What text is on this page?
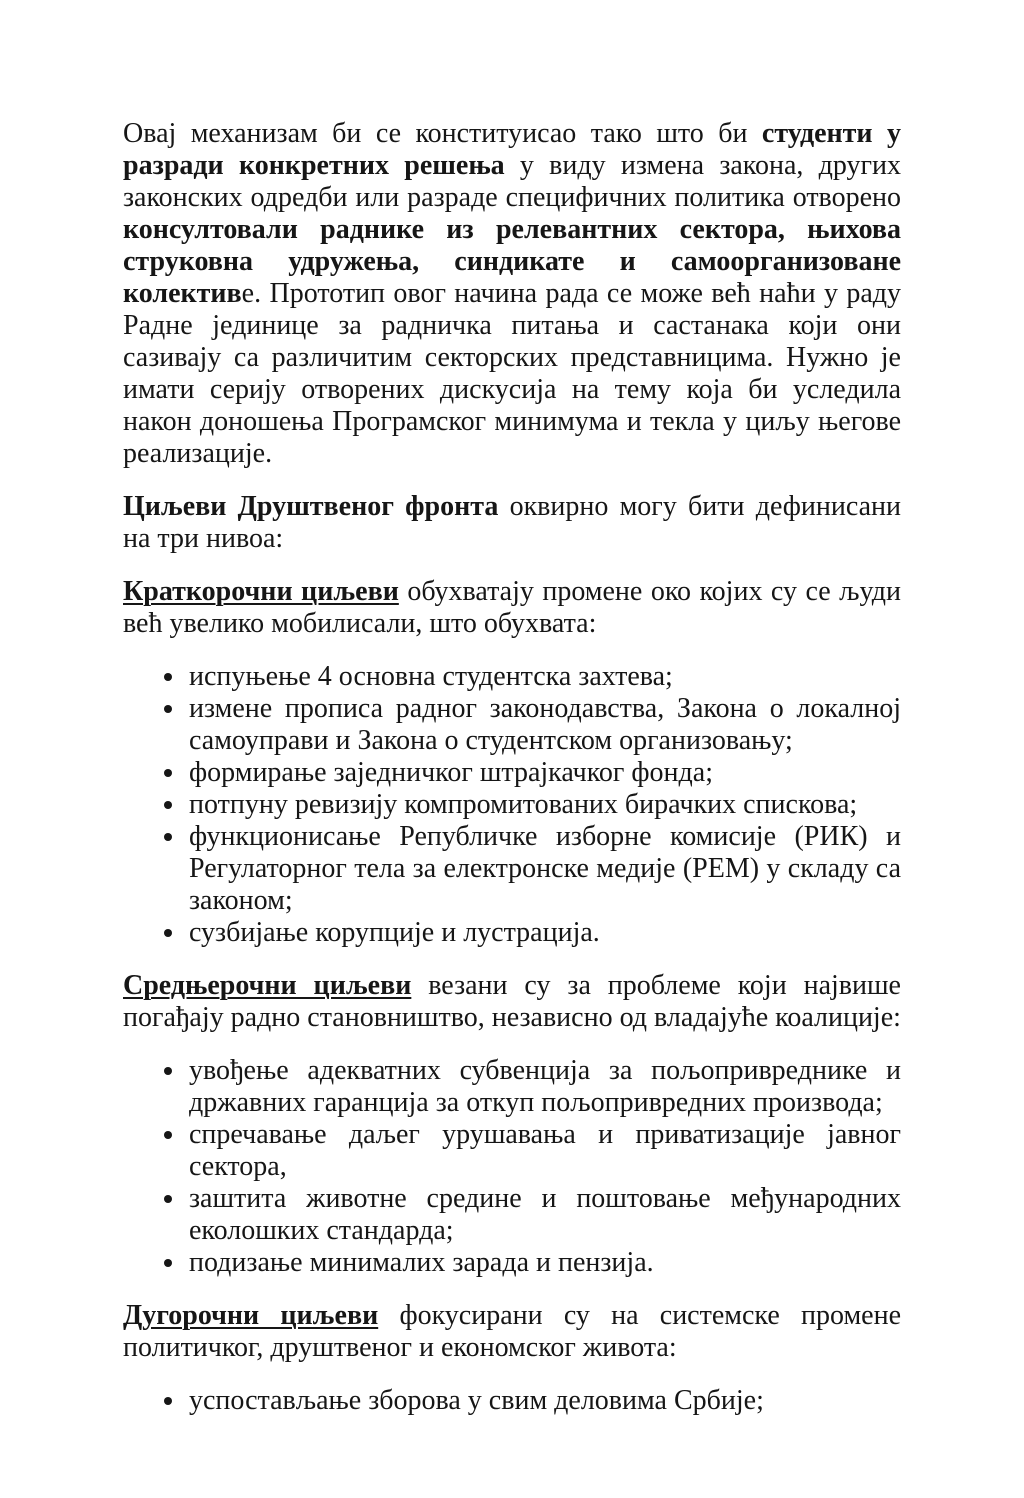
Овај механизам би се конституисао тако што би студенти у разради конкретних решења у виду измена закона, других законских одредби или разраде специфичних политика отворено консултовали раднике из релевантних сектора, њихова струковна удружења, синдикате и самоорганизоване колективе. Прототип овог начина рада се може већ наћи у раду Радне јединице за радничка питања и састанака који они сазивају са различитим секторских представницима. Нужно је имати серију отворених дискусија на тему која би уследила након доношења Програмског минимума и текла у циљу његове реализације.

Циљеви Друштвеног фронта оквирно могу бити дефинисани на три нивоа:

Краткорочни циљеви обухватају промене око којих су се људи већ увелико мобилисали, што обухвата:

• испуњење 4 основна студентска захтева;
• измене прописа радног законодавства, Закона о локалној самоуправи и Закона о студентском организовању;
• формирање заједничког штрајкачког фонда;
• потпуну ревизију компромитованих бирачких спискова;
• функционисање Републичке изборне комисије (РИК) и Регулаторног тела за електронске медије (РЕМ) у складу са законом;
• сузбијање корупције и лустрација.

Средњерочни циљеви везани су за проблеме који највише погађају радно становништво, независно од владајуће коалиције:

• увођење адекватних субвенција за пољопривреднике и државних гаранција за откуп пољопривредних производа;
• спречавање даљег урушавања и приватизације јавног сектора,
• заштита животне средине и поштовање међународних еколошких стандарда;
• подизање минималих зарада и пензија.

Дугорочни циљеви фокусирани су на системске промене политичког, друштвеног и економског живота:

• успостављање зборова у свим деловима Србије;
